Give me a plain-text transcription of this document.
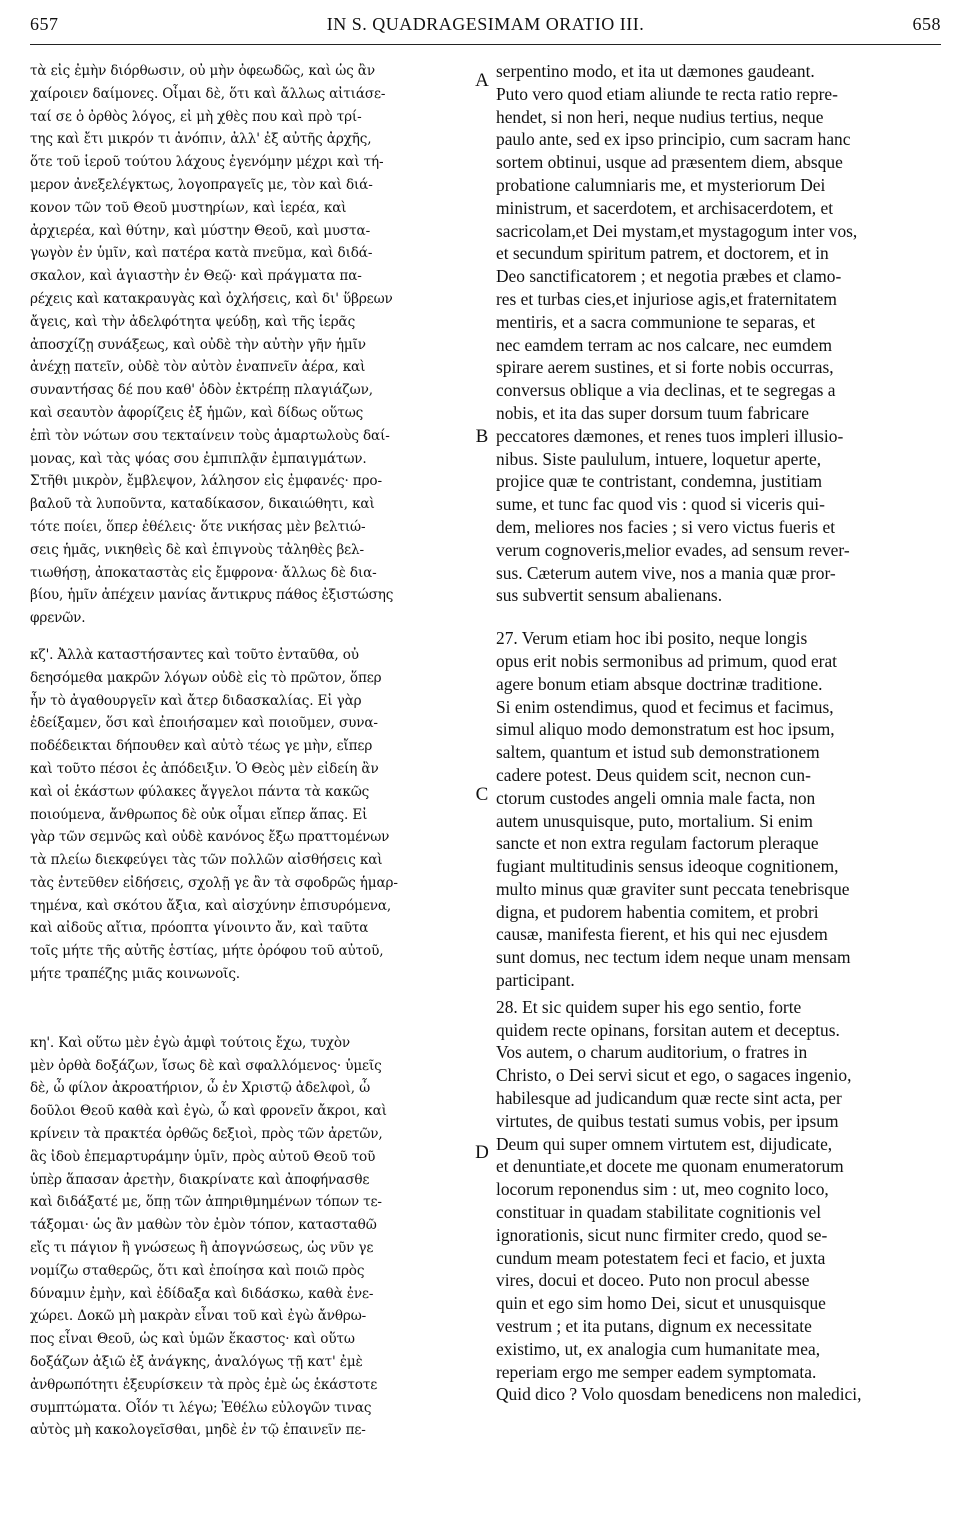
657	IN S. QUADRAGESIMAM ORATIO III.	658
A
B
C
D
τὰ εἰς ἐμὴν διόρθωσιν, οὐ μὴν ὀφεωδῶς, καὶ ὡς ἂν
χαίροιεν δαίμονες. Οἶμαι δὲ, ὅτι καὶ ἄλλως αἰτιάσε-
ταί σε ὁ ὀρθὸς λόγος, εἰ μὴ χθὲς που καὶ πρὸ τρί-
της καὶ ἔτι μικρόν τι ἀνόπιν, ἀλλ' ἐξ αὐτῆς ἀρχῆς,
ὅτε τοῦ ἱεροῦ τούτου λάχους ἐγενόμην μέχρι καὶ τή-
μερον ἀνεξελέγκτως, λογοπραγεῖς με, τὸν καὶ διά-
κονον τῶν τοῦ Θεοῦ μυστηρίων, καὶ ἱερέα, καὶ
ἀρχιερέα, καὶ θύτην, καὶ μύστην Θεοῦ, καὶ μυστα-
γωγὸν ἐν ὑμῖν, καὶ πατέρα κατὰ πνεῦμα, καὶ διδά-
σκαλον, καὶ ἁγιαστὴν ἐν Θεῷ· καὶ πράγματα πα-
ρέχεις καὶ κατακραυγὰς καὶ ὀχλήσεις, καὶ δι' ὕβρεων
ἄγεις, καὶ τὴν ἀδελφότητα ψεύδῃ, καὶ τῆς ἱερᾶς
ἀποσχίζῃ συνάξεως, καὶ οὐδὲ τὴν αὐτὴν γῆν ἡμῖν
ἀνέχῃ πατεῖν, οὐδὲ τὸν αὐτὸν ἐναπνεῖν ἀέρα, καὶ
συναντήσας δέ που καθ' ὁδὸν ἐκτρέπῃ πλαγιάζων,
καὶ σεαυτὸν ἀφορίζεις ἐξ ἡμῶν, καὶ δίδως οὕτως
ἐπὶ τὸν νώτων σου τεκταίνειν τοὺς ἁμαρτωλοὺς δαί-
μονας, καὶ τὰς ψόας σου ἐμπιπλᾷν ἐμπαιγμάτων.
Στῆθι μικρὸν, ἔμβλεψον, λάλησον εἰς ἐμφανές· προ-
βαλοῦ τὰ λυποῦντα, καταδίκασον, δικαιώθητι, καὶ
τότε ποίει, ὅπερ ἐθέλεις· ὅτε νικήσας μὲν βελτιώ-
σεις ἡμᾶς, νικηθεὶς δὲ καὶ ἐπιγνοὺς τἀληθὲς βελ-
τιωθήσῃ, ἀποκαταστὰς εἰς ἔμφρονα· ἄλλως δὲ δια-
βίου, ἡμῖν ἀπέχειν μανίας ἄντικρυς πάθος ἐξιστώσης
φρενῶν.
κζ'. Ἀλλὰ καταστήσαντες καὶ τοῦτο ἐνταῦθα, οὐ
δεησόμεθα μακρῶν λόγων οὐδὲ εἰς τὸ πρῶτον, ὅπερ
ἦν τὸ ἀγαθουργεῖν καὶ ἄτερ διδασκαλίας. Εἰ γὰρ
ἐδείξαμεν, ὅσι καὶ ἐποιήσαμεν καὶ ποιοῦμεν, συνα-
ποδέδεικται δήπουθεν καὶ αὐτὸ τέως γε μὴν, εἴπερ
καὶ τοῦτο πέσοι ἐς ἀπόδειξιν. Ὁ Θεὸς μὲν εἰδείη ἂν
καὶ οἱ ἑκάστων φύλακες ἄγγελοι πάντα τὰ κακῶς
ποιούμενα, ἄνθρωπος δὲ οὐκ οἶμαι εἴπερ ἅπας. Εἰ
γὰρ τῶν σεμνῶς καὶ οὐδὲ κανόνος ἔξω πραττομένων
τὰ πλείω διεκφεύγει τὰς τῶν πολλῶν αἰσθήσεις καὶ
τὰς ἐντεῦθεν εἰδήσεις, σχολῇ γε ἂν τὰ σφοδρῶς ἡμαρ-
τημένα, καὶ σκότου ἄξια, καὶ αἰσχύνην ἐπισυρόμενα,
καὶ αἰδοῦς αἴτια, πρόοπτα γίνοιντο ἄν, καὶ ταῦτα
τοῖς μήτε τῆς αὐτῆς ἑστίας, μήτε ὀρόφου τοῦ αὐτοῦ,
μήτε τραπέζης μιᾶς κοινωνοῖς.
κη'. Καὶ οὕτω μὲν ἐγὼ ἀμφὶ τούτοις ἔχω, τυχὸν
μὲν ὀρθὰ δοξάζων, ἴσως δὲ καὶ σφαλλόμενος· ὑμεῖς
δὲ, ὦ φίλον ἀκροατήριον, ὦ ἐν Χριστῷ ἀδελφοὶ, ὦ
δοῦλοι Θεοῦ καθὰ καὶ ἐγὼ, ὦ καὶ φρονεῖν ἄκροι, καὶ
κρίνειν τὰ πρακτέα ὀρθῶς δεξιοὶ, πρὸς τῶν ἀρετῶν,
ἃς ἰδοὺ ἐπεμαρτυράμην ὑμῖν, πρὸς αὐτοῦ Θεοῦ τοῦ
ὑπὲρ ἅπασαν ἀρετὴν, διακρίνατε καὶ ἀποφήνασθε
καὶ διδάξατέ με, ὅπῃ τῶν ἀπηριθμημένων τόπων τε-
τάξομαι· ὡς ἂν μαθὼν τὸν ἐμὸν τόπον, κατασταθῶ
εἴς τι πάγιον ἢ γνώσεως ἢ ἀπογνώσεως, ὡς νῦν γε
νομίζω σταθερῶς, ὅτι καὶ ἐποίησα καὶ ποιῶ πρὸς
δύναμιν ἐμὴν, καὶ ἐδίδαξα καὶ διδάσκω, καθὰ ἐνε-
χώρει. Δοκῶ μὴ μακρὰν εἶναι τοῦ καὶ ἐγὼ ἄνθρω-
πος εἶναι Θεοῦ, ὡς καὶ ὑμῶν ἕκαστος· καὶ οὕτω
δοξάζων ἀξιῶ ἐξ ἀνάγκης, ἀναλόγως τῇ κατ' ἐμὲ
ἀνθρωπότητι ἐξευρίσκειν τὰ πρὸς ἐμὲ ὡς ἑκάστοτε
συμπτώματα. Οἷόν τι λέγω; Ἐθέλω εὐλογῶν τινας
αὐτὸς μὴ κακολογεῖσθαι, μηδὲ ἐν τῷ ἐπαινεῖν πε-
serpentino modo, et ita ut dæmones gaudeant.
Puto vero quod etiam aliunde te recta ratio repre-
hendet, si non heri, neque nudius tertius, neque
paulo ante, sed ex ipso principio, cum sacram hanc
sortem obtinui, usque ad præsentem diem, absque
probatione calumniaris me, et mysteriorum Dei
ministrum, et sacerdotem, et archisacerdotem, et
sacricolam,et Dei mystam,et mystagogum inter vos,
et secundum spiritum patrem, et doctorem, et in
Deo sanctificatorem ; et negotia præbes et clamo-
res et turbas cies,et injuriose agis,et fraternitatem
mentiris, et a sacra communione te separas, et
nec eamdem terram ac nos calcare, nec eumdem
spirare aerem sustines, et si forte nobis occurras,
conversus oblique a via declinas, et te segregas a
nobis, et ita das super dorsum tuum fabricare
peccatores dæmones, et renes tuos impleri illusio-
nibus. Siste paululum, intuere, loquetur aperte,
projice quæ te contristant, condemna, justitiam
sume, et tunc fac quod vis : quod si viceris qui-
dem, meliores nos facies ; si vero victus fueris et
verum cognoveris,melior evades, ad sensum rever-
sus. Cæterum autem vive, nos a mania quæ pror-
sus subvertit sensum abalienans.
27. Verum etiam hoc ibi posito, neque longis
opus erit nobis sermonibus ad primum, quod erat
agere bonum etiam absque doctrinæ traditione.
Si enim ostendimus, quod et fecimus et facimus,
simul aliquo modo demonstratum est hoc ipsum,
saltem, quantum et istud sub demonstrationem
cadere potest. Deus quidem scit, necnon cun-
ctorum custodes angeli omnia male facta, non
autem unusquisque, puto, mortalium. Si enim
sancte et non extra regulam factorum pleraque
fugiant multitudinis sensus ideoque cognitionem,
multo minus quæ graviter sunt peccata tenebrisque
digna, et pudorem habentia comitem, et probri
causæ, manifesta fierent, et his qui nec ejusdem
sunt domus, nec tectum idem neque unam mensam
participant.
28. Et sic quidem super his ego sentio, forte
quidem recte opinans, forsitan autem et deceptus.
Vos autem, o charum auditorium, o fratres in
Christo, o Dei servi sicut et ego, o sagaces ingenio,
habilesque ad judicandum quæ recte sint acta, per
virtutes, de quibus testati sumus vobis, per ipsum
Deum qui super omnem virtutem est, dijudicate,
et denuntiate,et docete me quonam enumeratorum
locorum reponendus sim : ut, meo cognito loco,
constituar in quadam stabilitate cognitionis vel
ignorationis, sicut nunc firmiter credo, quod se-
cundum meam potestatem feci et facio, et juxta
vires, docui et doceo. Puto non procul abesse
quin et ego sim homo Dei, sicut et unusquisque
vestrum ; et ita putans, dignum ex necessitate
existimo, ut, ex analogia cum humanitate mea,
reperiam ergo me semper eadem symptomata.
Quid dico ? Volo quosdam benedicens non maledici,
